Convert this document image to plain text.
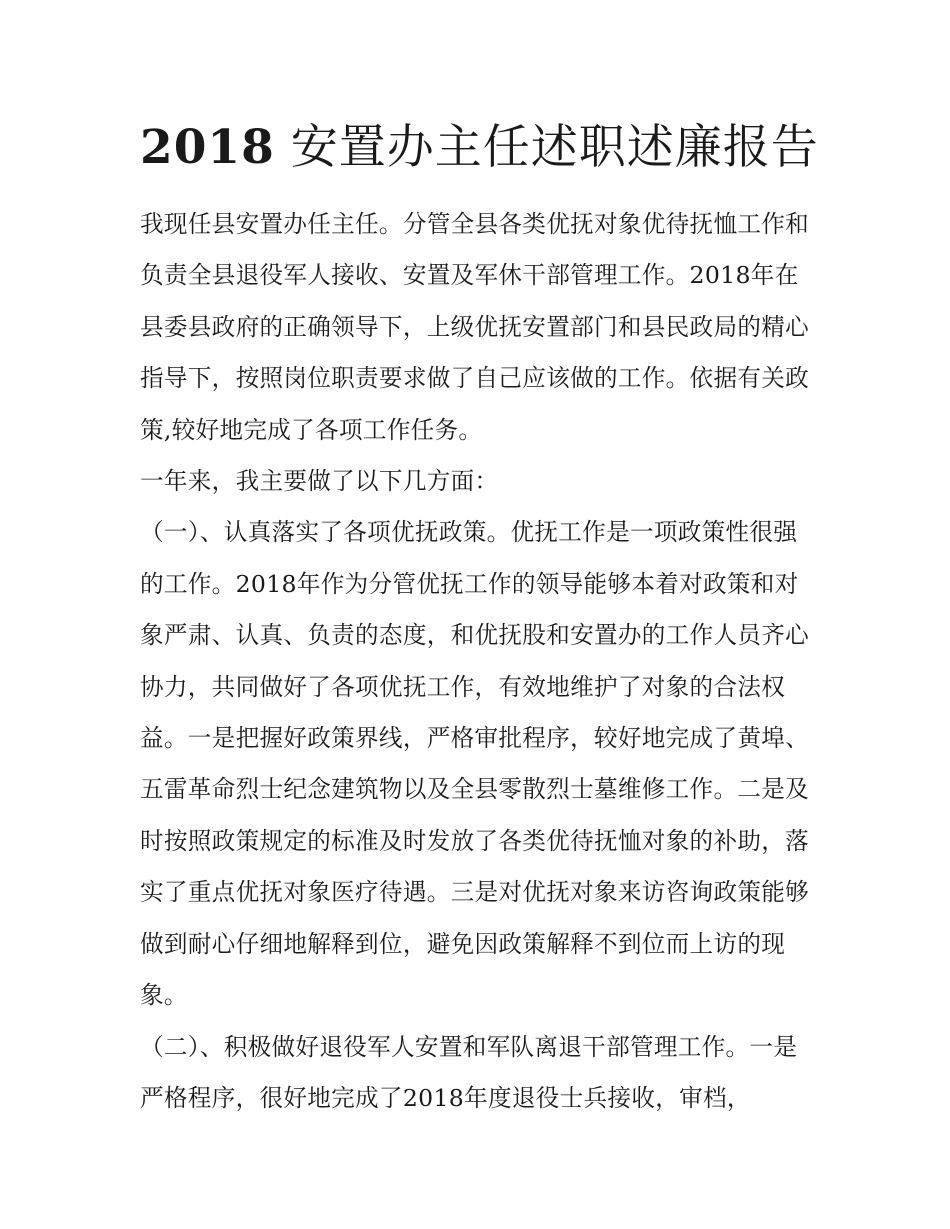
2018 安置办主任述职述廉报告

我现任县安置办任主任。分管全县各类优抚对象优待抚恤工作和负责全县退役军人接收、安置及军休干部管理工作。2018年在县委县政府的正确领导下，上级优抚安置部门和县民政局的精心指导下，按照岗位职责要求做了自己应该做的工作。依据有关政策,较好地完成了各项工作任务。

一年来，我主要做了以下几方面：

（一）、认真落实了各项优抚政策。优抚工作是一项政策性很强的工作。2018年作为分管优抚工作的领导能够本着对政策和对象严肃、认真、负责的态度，和优抚股和安置办的工作人员齐心协力，共同做好了各项优抚工作，有效地维护了对象的合法权益。一是把握好政策界线，严格审批程序，较好地完成了黄埠、五雷革命烈士纪念建筑物以及全县零散烈士墓维修工作。二是及时按照政策规定的标准及时发放了各类优待抚恤对象的补助，落实了重点优抚对象医疗待遇。三是对优抚对象来访咨询政策能够做到耐心仔细地解释到位，避免因政策解释不到位而上访的现象。

（二）、积极做好退役军人安置和军队离退干部管理工作。一是严格程序，很好地完成了2018年度退役士兵接收，审档，
